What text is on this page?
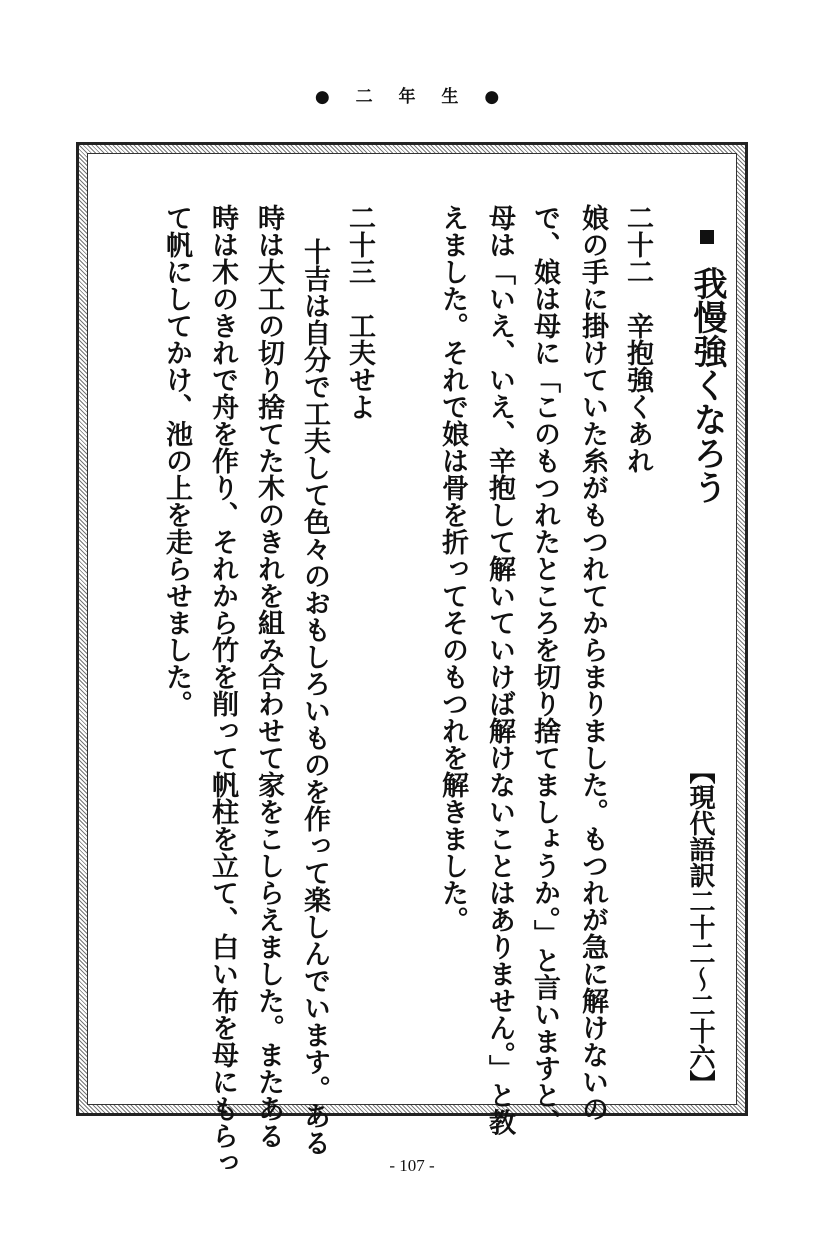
● 二 年 生 ●
【現代語訳二十二～二十六】
我慢強くなろう
二十二　辛抱強くあれ
娘の手に掛けていた糸がもつれてからまりました。もつれが急に解けないの
で、娘は母に「このもつれたところを切り捨てましょうか。」と言いますと、
母は「いえ、いえ、辛抱して解いていけば解けないことはありません。」と教
えました。それで娘は骨を折ってそのもつれを解きました。
二十三　工夫せよ
十吉は自分で工夫して色々のおもしろいものを作って楽しんでいます。ある
時は大工の切り捨てた木のきれを組み合わせて家をこしらえました。またある
時は木のきれで舟を作り、それから竹を削って帆柱を立て、白い布を母にもらっ
て帆にしてかけ、池の上を走らせました。
- 107 -
